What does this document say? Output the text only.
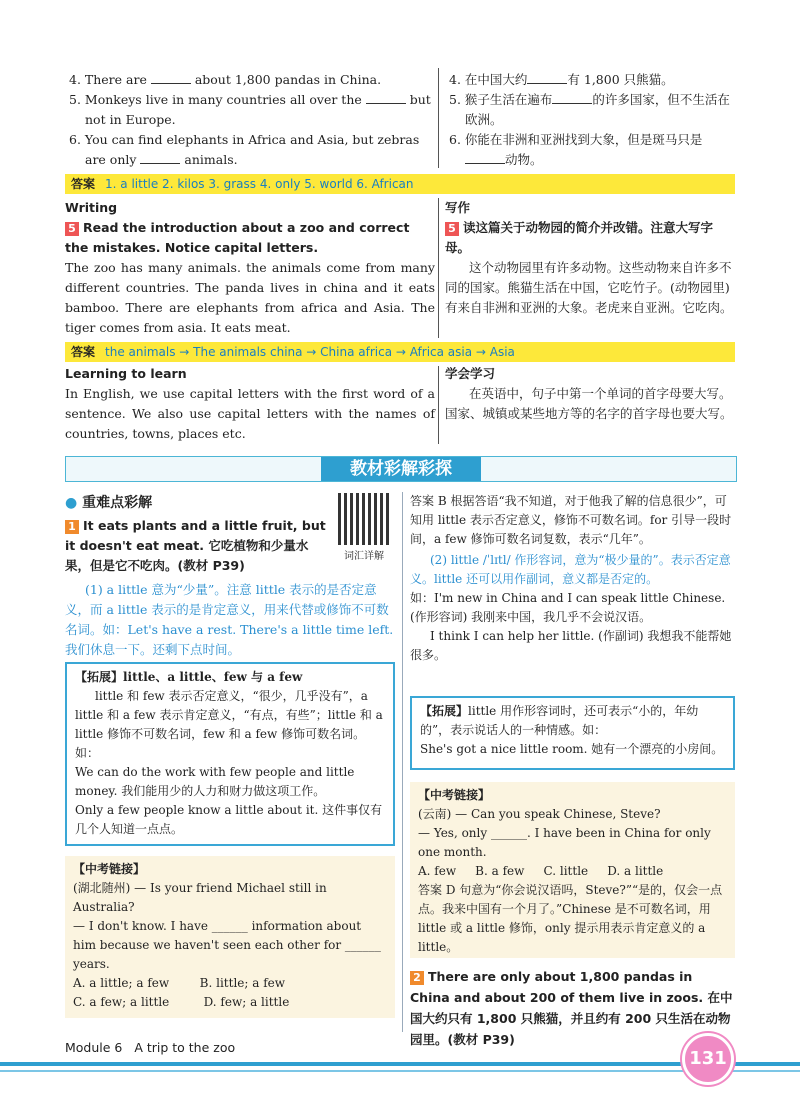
4. There are	about 1,800 pandas in China.

5. Monkeys live in many countries all over the	but not in Europe.

6. You can find elephants in Africa and Asia, but zebras are only	animals.

4. 在中国大约	有 1,800 只熊猫。

5. 猴子生活在遍布	的许多国家，但不生活在欧洲。

6. 你能在非洲和亚洲找到大象，但是斑马只是动物。

答案 1. a little 2. kilos 3. grass 4. only 5. world 6. African
Writing

5 Read the introduction about a zoo and correct the mistakes. Notice capital letters.

The zoo has many animals. the animals come from many different countries. The panda lives in china and it eats bamboo. There are elephants from africa and Asia. The tiger comes from asia. It eats meat.

写作

5 读这篇关于动物园的简介并改错。注意大写字母。

这个动物园里有许多动物。这些动物来自许多不同的国家。熊猫生活在中国，它吃竹子。(动物园里)有来自非洲和亚洲的大象。老虎来自亚洲。它吃肉。

答案 the animals → The animals china → China africa → Africa asia → Asia
Learning to learn

In English, we use capital letters with the first word of a sentence. We also use capital letters with the names of countries, towns, places etc.

学会学习

在英语中，句子中第一个单词的首字母要大写。国家、城镇或某些地方等的名字的首字母也要大写。

教材彩解彩探
● 重难点彩解

1 It eats plants and a little fruit, but it doesn't eat meat. 它吃植物和少量水果，但是它不吃肉。(教材 P39)

(1) a little 意为“少量”。注意 little 表示的是否定意义，而 a little 表示的是肯定意义，用来代替或修饰不可数名词。如：Let's have a rest. There's a little time left. 我们休息一下。还剩下点时间。

词汇详解

【拓展】little、a little、few 与 a few

little 和 few 表示否定意义，“很少，几乎没有”，a little 和 a few 表示肯定意义，“有点，有些”；little 和 a little 修饰不可数名词，few 和 a few 修饰可数名词。如：

We can do the work with few people and little money. 我们能用少的人力和财力做这项工作。

Only a few people know a little about it. 这件事仅有几个人知道一点点。

【中考链接】

(湖北随州) — Is your friend Michael still in Australia?

— I don't know. I have ______ information about him because we haven't seen each other for ______ years.

A. a little; a few        B. little; a few

C. a few; a little         D. few; a little

答案 B 根据答语“我不知道，对于他我了解的信息很少”，可知用 little 表示否定意义，修饰不可数名词。for 引导一段时间，a few 修饰可数名词复数，表示“几年”。

(2) little /ˈlɪtl/ 作形容词，意为“极少量的”。表示否定意义。little 还可以用作副词，意义都是否定的。

如：I'm new in China and I can speak little Chinese. (作形容词) 我刚来中国，我几乎不会说汉语。

I think I can help her little. (作副词) 我想我不能帮她很多。

【拓展】little 用作形容词时，还可表示“小的，年幼的”，表示说话人的一种情感。如：

She's got a nice little room. 她有一个漂亮的小房间。

【中考链接】

(云南) — Can you speak Chinese, Steve?

— Yes, only ______. I have been in China for only one month.

A. few     B. a few     C. little     D. a little

答案 D 句意为“你会说汉语吗，Steve?”“是的，仅会一点点。我来中国有一个月了。”Chinese 是不可数名词，用 little 或 a little 修饰，only 提示用表示肯定意义的 a little。

2 There are only about 1,800 pandas in China and about 200 of them live in zoos. 在中国大约只有 1,800 只熊猫，并且约有 200 只生活在动物园里。(教材 P39)

Module 6 A trip to the zoo
131
